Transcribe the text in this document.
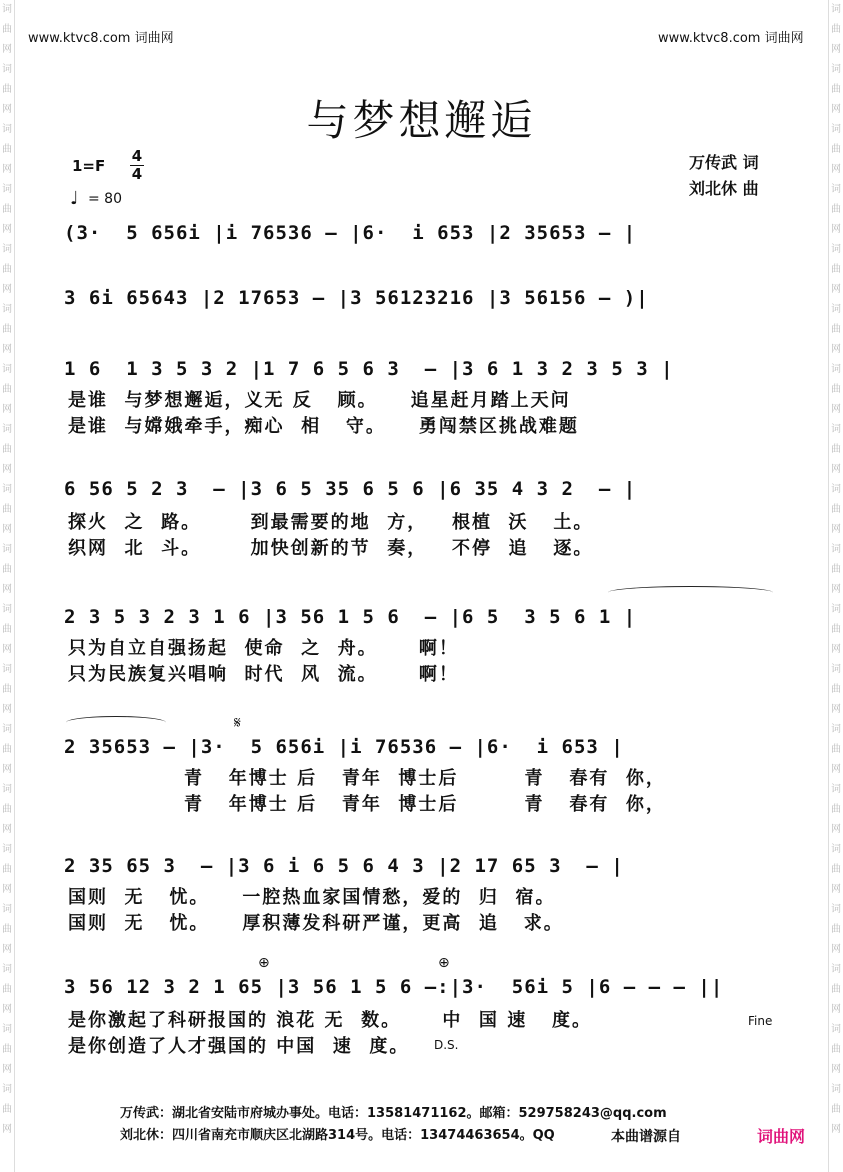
词曲网词曲网词曲网词曲网词曲网词曲网词曲网词曲网词曲网词曲网词曲网词曲网词曲网词曲网词曲网词曲网词曲网词曲网词曲网
词曲网词曲网词曲网词曲网词曲网词曲网词曲网词曲网词曲网词曲网词曲网词曲网词曲网词曲网词曲网词曲网词曲网词曲网词曲网
www.ktvc8.com 词曲网	www.ktvc8.com 词曲网
与梦想邂逅
1=F
4
4
♩ = 80
万传武 词
刘北休 曲
(3·  5 656i |i 76536 – |6·  i 653 |2 35653 – |
3 6i 65643 |2 17653 – |3 56123216 |3 56156 – )|
1 6  1 3 5 3 2 |1 7 6 5 6 3  – |3 6 1 3 2 3 5 3 |
是谁  与梦想邂逅，义无 反   顾。    追星赶月踏上天问
是谁  与嫦娥牵手，痴心  相   守。    勇闯禁区挑战难题
6 56 5 2 3  – |3 6 5 35 6 5 6 |6 35 4 3 2  – |
探火  之  路。      到最需要的地  方，   根植  沃   土。
织网  北  斗。      加快创新的节  奏，   不停  追   逐。
2 3 5 3 2 3 1 6 |3 56 1 5 6  – |6 5  3 5 6 1 |
只为自立自强扬起  使命  之  舟。     啊！
只为民族复兴唱响  时代  风  流。     啊！
𝄋
2 35653 – |3·  5 656i |i 76536 – |6·  i 653 |
青   年博士 后   青年  博士后        青   春有  你，
青   年博士 后   青年  博士后        青   春有  你，
2 35 65 3  – |3 6 i 6 5 6 4 3 |2 17 65 3  – |
国则  无   忧。    一腔热血家国情愁，爱的  归  宿。
国则  无   忧。    厚积薄发科研严谨，更高  追   求。
⊕	⊕
3 56 12 3 2 1 65 |3 56 1 5 6 –:|3·  56i 5 |6 – – – ||
是你激起了科研报国的 浪花 无  数。     中  国 速   度。
是你创造了人才强国的 中国  速  度。
Fine
D.S.
万传武：湖北省安陆市府城办事处。电话：13581471162。邮箱：529758243@qq.com
刘北休：四川省南充市顺庆区北湖路314号。电话：13474463654。QQ	本曲谱源自	词曲网
